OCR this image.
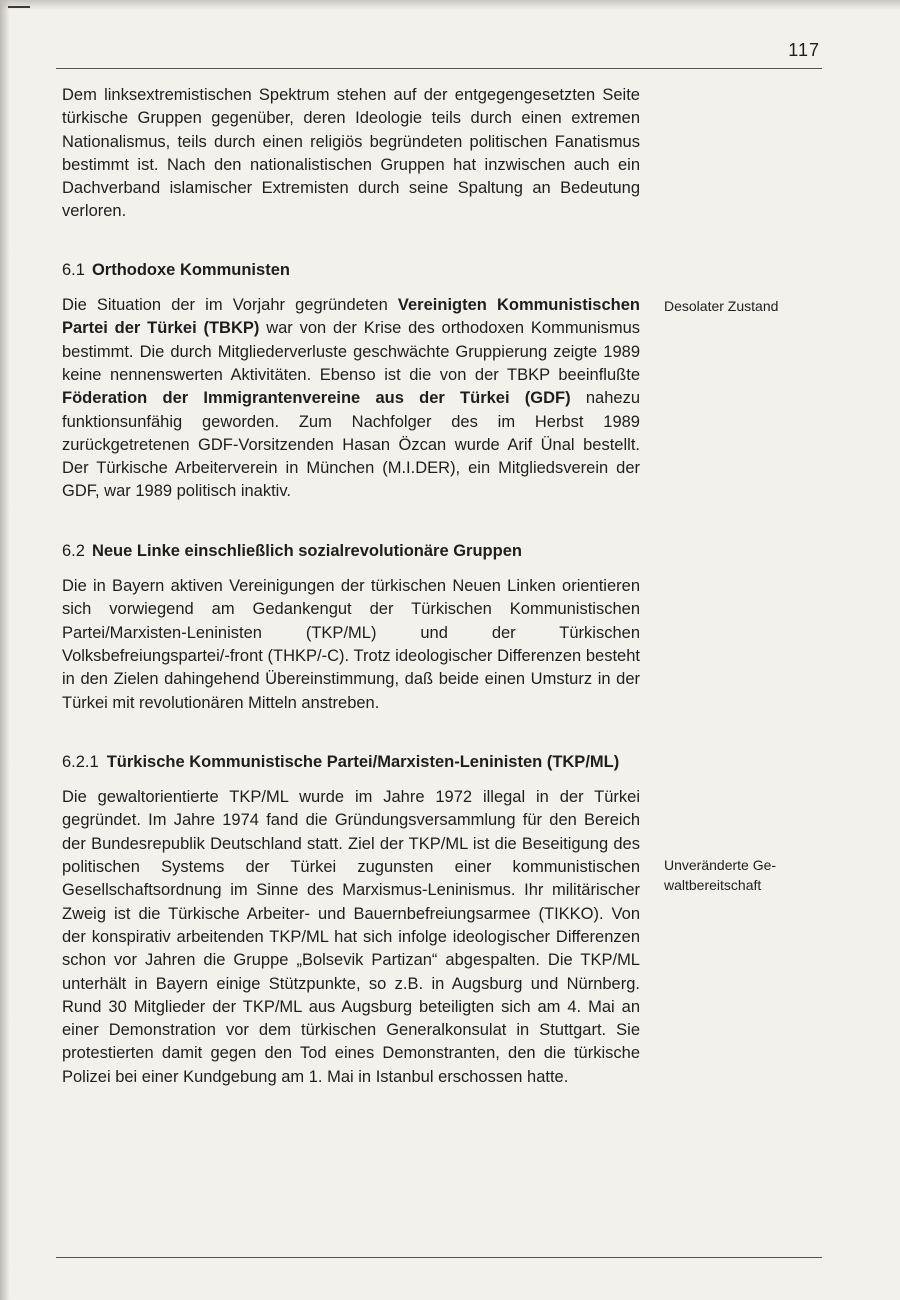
117

Dem linksextremistischen Spektrum stehen auf der entgegengesetzten Seite türkische Gruppen gegenüber, deren Ideologie teils durch einen extremen Nationalismus, teils durch einen religiös begründeten politischen Fanatismus bestimmt ist. Nach den nationalistischen Gruppen hat inzwischen auch ein Dachverband islamischer Extremisten durch seine Spaltung an Bedeutung verloren.

6.1 Orthodoxe Kommunisten

Die Situation der im Vorjahr gegründeten Vereinigten Kommunistischen Partei der Türkei (TBKP) war von der Krise des orthodoxen Kommunismus bestimmt. Die durch Mitgliederverluste geschwächte Gruppierung zeigte 1989 keine nennenswerten Aktivitäten. Ebenso ist die von der TBKP beeinflußte Föderation der Immigrantenvereine aus der Türkei (GDF) nahezu funktionsunfähig geworden. Zum Nachfolger des im Herbst 1989 zurückgetretenen GDF-Vorsitzenden Hasan Özcan wurde Arif Ünal bestellt. Der Türkische Arbeiterverein in München (M.I.DER), ein Mitgliedsverein der GDF, war 1989 politisch inaktiv.

6.2 Neue Linke einschließlich sozialrevolutionäre Gruppen

Die in Bayern aktiven Vereinigungen der türkischen Neuen Linken orientieren sich vorwiegend am Gedankengut der Türkischen Kommunistischen Partei/Marxisten-Leninisten (TKP/ML) und der Türkischen Volksbefreiungspartei/-front (THKP/-C). Trotz ideologischer Differenzen besteht in den Zielen dahingehend Übereinstimmung, daß beide einen Umsturz in der Türkei mit revolutionären Mitteln anstreben.

6.2.1 Türkische Kommunistische Partei/Marxisten-Leninisten (TKP/ML)

Die gewaltorientierte TKP/ML wurde im Jahre 1972 illegal in der Türkei gegründet. Im Jahre 1974 fand die Gründungsversammlung für den Bereich der Bundesrepublik Deutschland statt. Ziel der TKP/ML ist die Beseitigung des politischen Systems der Türkei zugunsten einer kommunistischen Gesellschaftsordnung im Sinne des Marxismus-Leninismus. Ihr militärischer Zweig ist die Türkische Arbeiter- und Bauernbefreiungsarmee (TIKKO). Von der konspirativ arbeitenden TKP/ML hat sich infolge ideologischer Differenzen schon vor Jahren die Gruppe „Bolsevik Partizan“ abgespalten. Die TKP/ML unterhält in Bayern einige Stützpunkte, so z.B. in Augsburg und Nürnberg. Rund 30 Mitglieder der TKP/ML aus Augsburg beteiligten sich am 4. Mai an einer Demonstration vor dem türkischen Generalkonsulat in Stuttgart. Sie protestierten damit gegen den Tod eines Demonstranten, den die türkische Polizei bei einer Kundgebung am 1. Mai in Istanbul erschossen hatte.

Desolater Zustand
Unveränderte Gewaltbereitschaft
